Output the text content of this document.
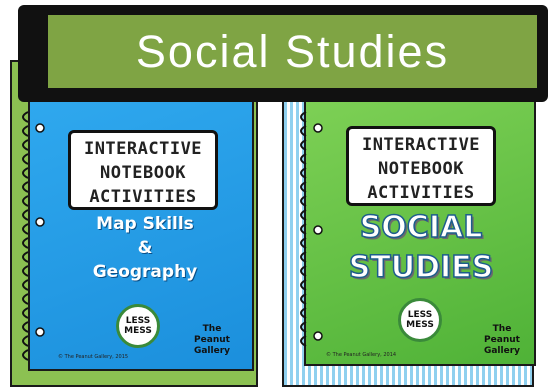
INTERACTIVE
NOTEBOOK
ACTIVITIES
Map Skills
&
Geography
LESS
MESS	The
Peanut
Gallery
© The Peanut Gallery, 2015
INTERACTIVE
NOTEBOOK
ACTIVITIES
SOCIAL
STUDIES
LESS
MESS	The
Peanut
Gallery
© The Peanut Gallery, 2014
Social Studies
